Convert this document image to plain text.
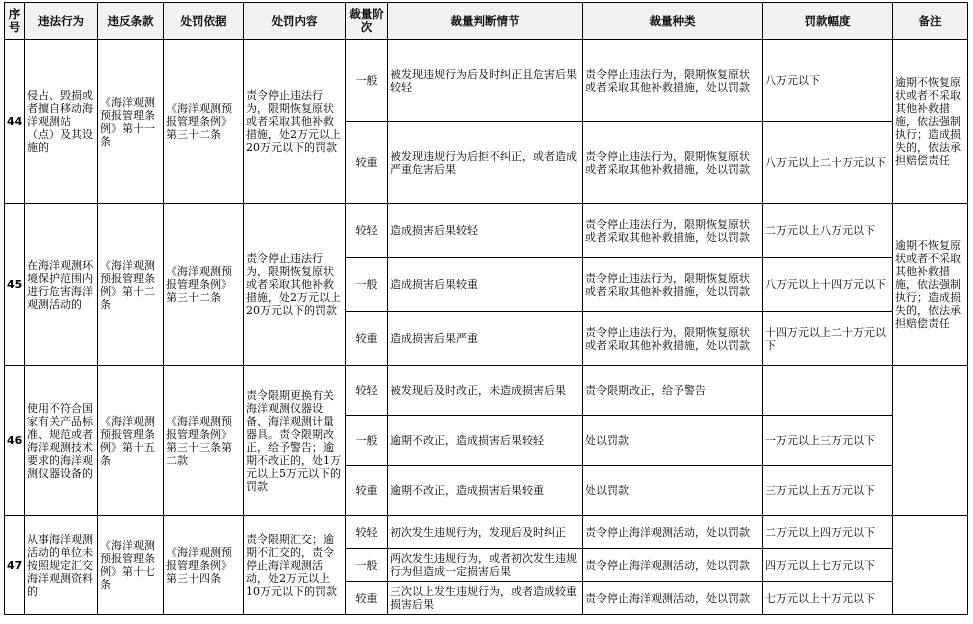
序号	违法行为	违反条款	处罚依据	处罚内容	裁量阶次	裁量判断情节	裁量种类	罚款幅度	备注
44	侵占、毁损或者擅自移动海洋观测站（点）及其设施的	《海洋观测预报管理条例》第十一条	《海洋观测预报管理条例》第三十二条	责令停止违法行为，限期恢复原状或者采取其他补救措施，处2万元以上20万元以下的罚款	一般	被发现违规行为后及时纠正且危害后果较轻	责令停止违法行为，限期恢复原状或者采取其他补救措施，处以罚款	八万元以下	逾期不恢复原状或者不采取其他补救措施，依法强制执行；造成损失的，依法承担赔偿责任
					较重	被发现违规行为后拒不纠正，或者造成严重危害后果	责令停止违法行为，限期恢复原状或者采取其他补救措施，处以罚款	八万元以上二十万元以下	
45	在海洋观测环境保护范围内进行危害海洋观测活动的	《海洋观测预报管理条例》第十二条	《海洋观测预报管理条例》第三十二条	责令停止违法行为，限期恢复原状或者采取其他补救措施，处2万元以上20万元以下的罚款	较轻	造成损害后果较轻	责令停止违法行为，限期恢复原状或者采取其他补救措施，处以罚款	二万元以上八万元以下	逾期不恢复原状或者不采取其他补救措施，依法强制执行；造成损失的，依法承担赔偿责任
					一般	造成损害后果较重	责令停止违法行为，限期恢复原状或者采取其他补救措施，处以罚款	八万元以上十四万元以下	
					较重	造成损害后果严重	责令停止违法行为，限期恢复原状或者采取其他补救措施，处以罚款	十四万元以上二十万元以下	
46	使用不符合国家有关产品标准、规范或者海洋观测技术要求的海洋观测仪器设备的	《海洋观测预报管理条例》第十五条	《海洋观测预报管理条例》第三十三条第二款	责令限期更换有关海洋观测仪器设备、海洋观测计量器具。责令限期改正，给予警告；逾期不改正的，处1万元以上5万元以下的罚款	较轻	被发现后及时改正，未造成损害后果	责令限期改正，给予警告		
					一般	逾期不改正，造成损害后果较轻	处以罚款	一万元以上三万元以下	
					较重	逾期不改正，造成损害后果较重	处以罚款	三万元以上五万元以下	
47	从事海洋观测活动的单位未按照规定汇交海洋观测资料的	《海洋观测预报管理条例》第十七条	《海洋观测预报管理条例》第三十四条	责令限期汇交；逾期不汇交的，责令停止海洋观测活动，处2万元以上10万元以下的罚款	较轻	初次发生违规行为，发现后及时纠正	责令停止海洋观测活动，处以罚款	二万元以上四万元以下	
					一般	两次发生违规行为，或者初次发生违规行为但造成一定损害后果	责令停止海洋观测活动，处以罚款	四万元以上七万元以下	
					较重	三次以上发生违规行为，或者造成较重损害后果	责令停止海洋观测活动，处以罚款	七万元以上十万元以下	
